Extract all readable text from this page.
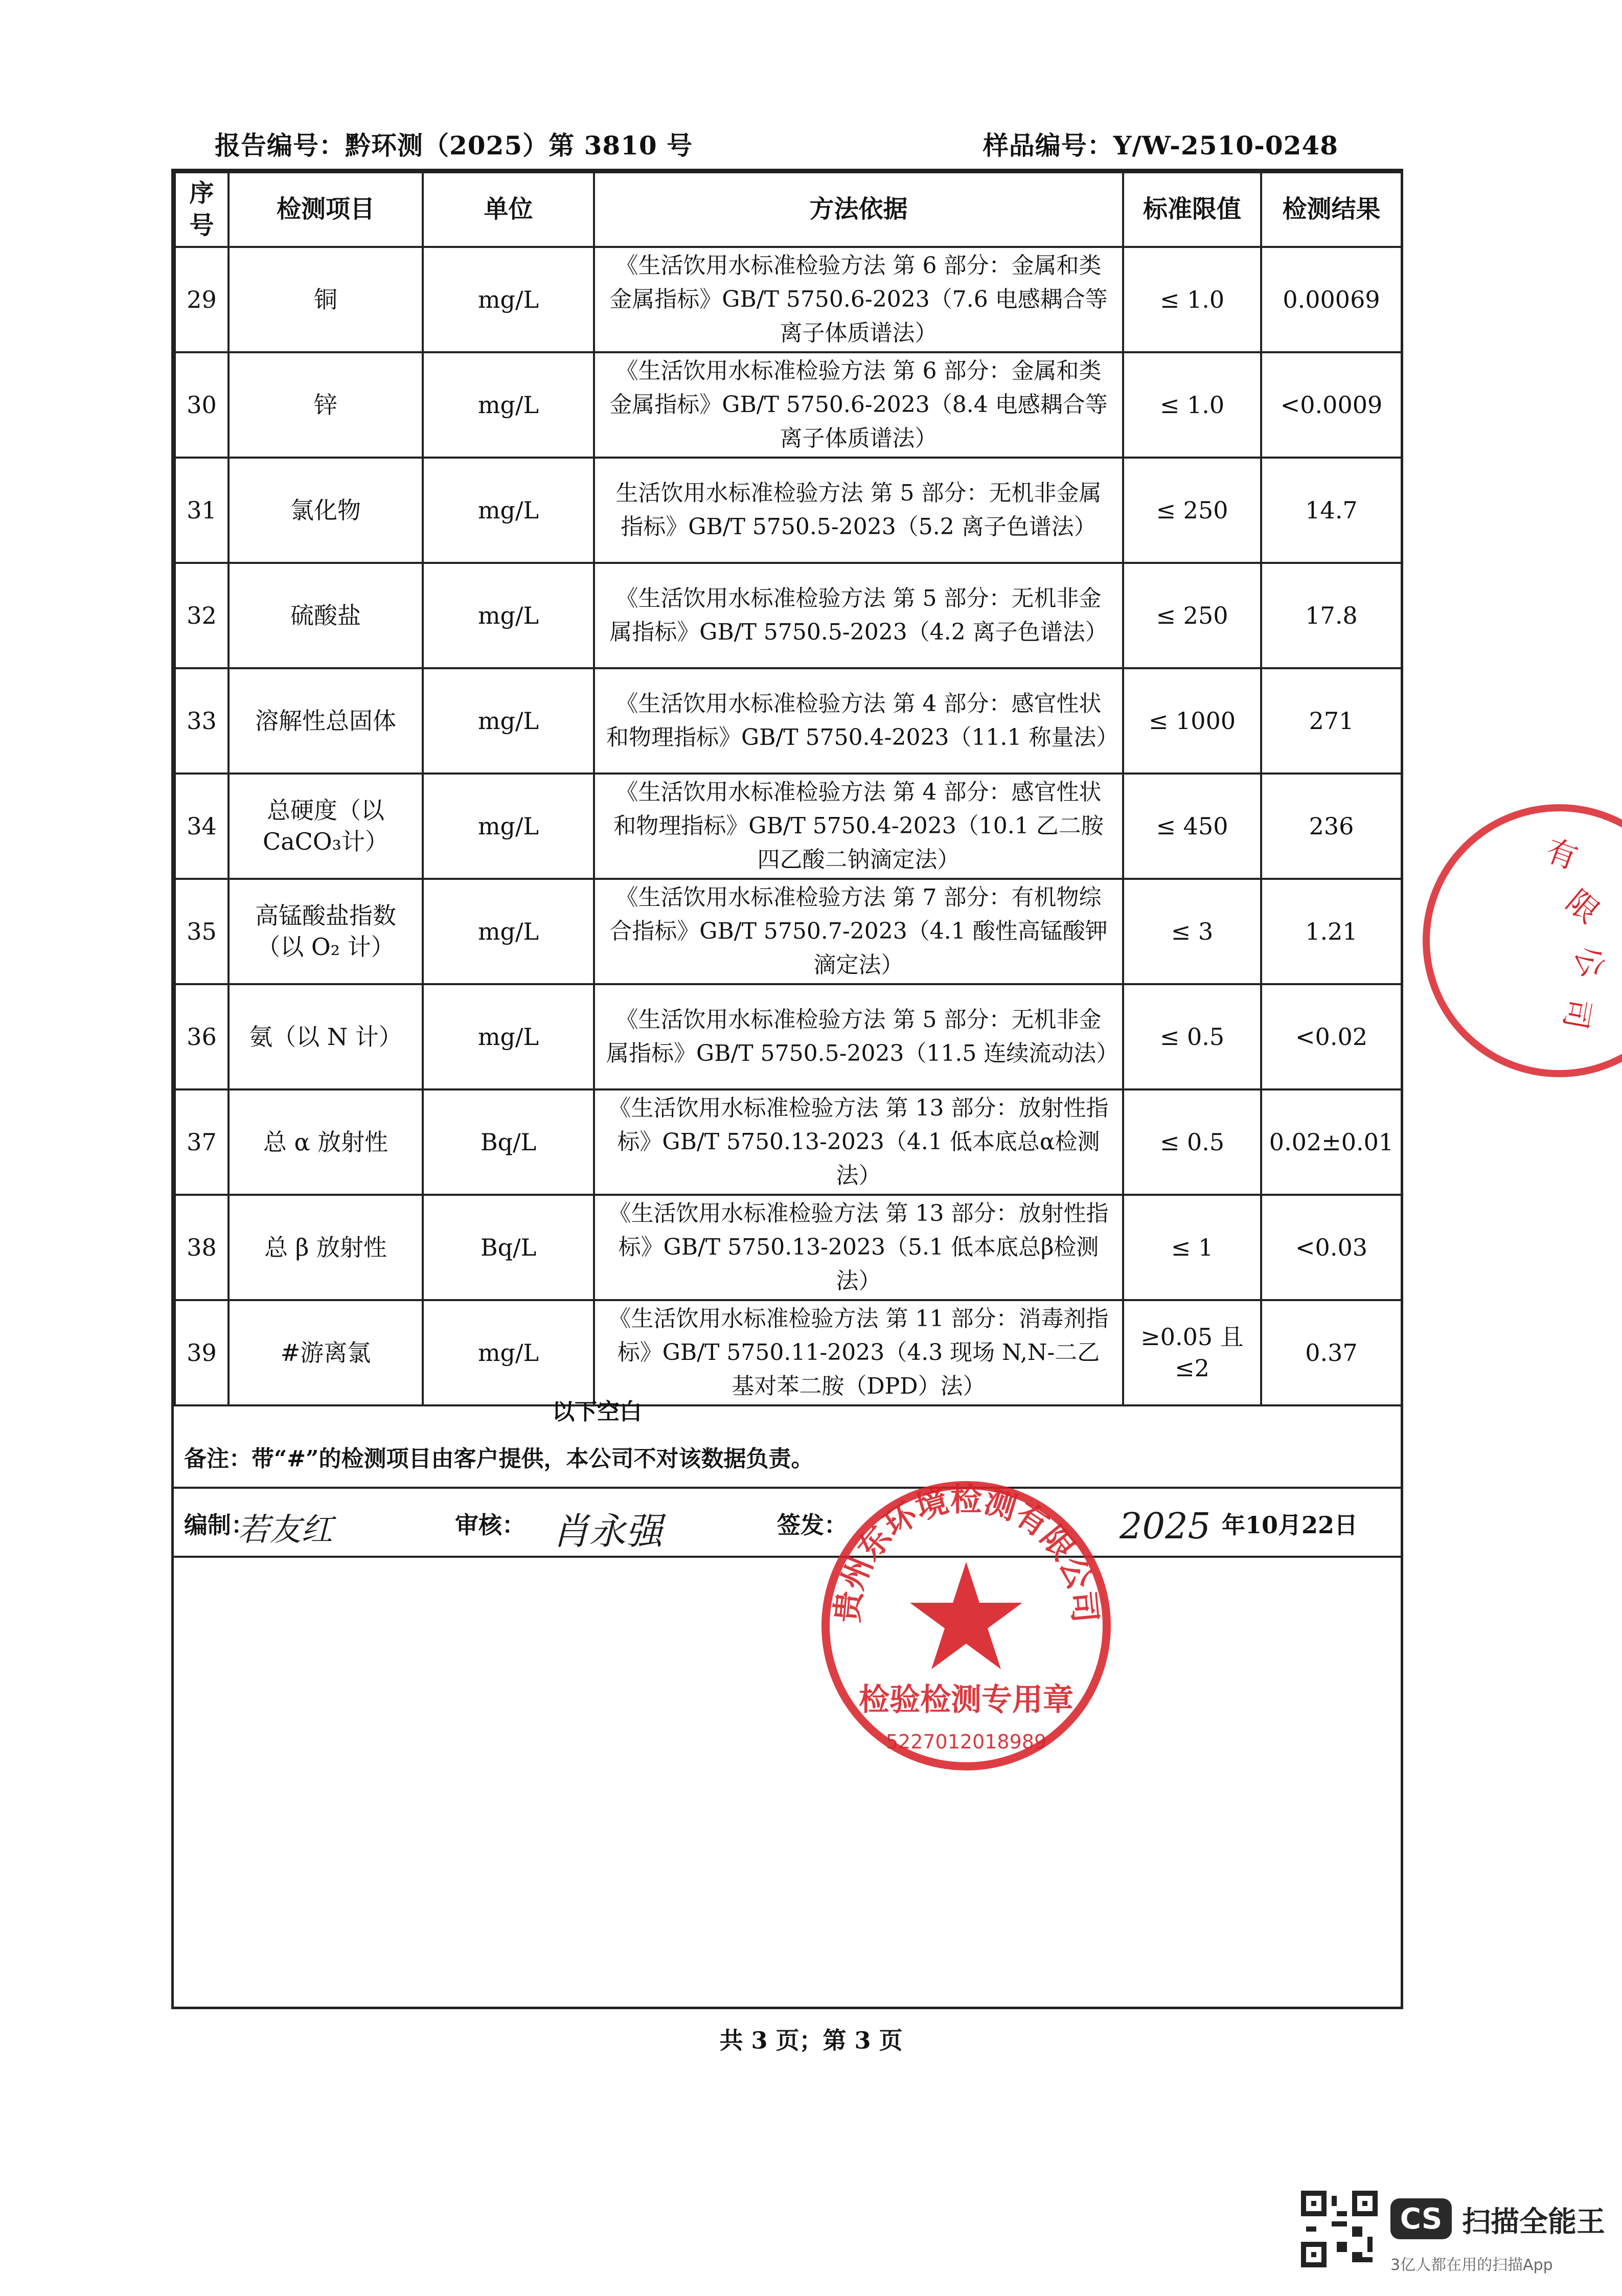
报告编号：黔环测（2025）第 3810 号	样品编号：Y/W-2510-0248
序号	检测项目	单位	方法依据	标准限值	检测结果
29	铜	mg/L	《生活饮用水标准检验方法 第 6 部分：金属和类金属指标》GB/T 5750.6-2023（7.6 电感耦合等离子体质谱法）	≤ 1.0	0.00069
30	锌	mg/L	《生活饮用水标准检验方法 第 6 部分：金属和类金属指标》GB/T 5750.6-2023（8.4 电感耦合等离子体质谱法）	≤ 1.0	<0.0009
31	氯化物	mg/L	生活饮用水标准检验方法 第 5 部分：无机非金属指标》GB/T 5750.5-2023（5.2 离子色谱法）	≤ 250	14.7
32	硫酸盐	mg/L	《生活饮用水标准检验方法 第 5 部分：无机非金属指标》GB/T 5750.5-2023（4.2 离子色谱法）	≤ 250	17.8
33	溶解性总固体	mg/L	《生活饮用水标准检验方法 第 4 部分：感官性状和物理指标》GB/T 5750.4-2023（11.1 称量法）	≤ 1000	271
34	总硬度（以CaCO₃计）	mg/L	《生活饮用水标准检验方法 第 4 部分：感官性状和物理指标》GB/T 5750.4-2023（10.1 乙二胺四乙酸二钠滴定法）	≤ 450	236
35	高锰酸盐指数（以 O₂ 计）	mg/L	《生活饮用水标准检验方法 第 7 部分：有机物综合指标》GB/T 5750.7-2023（4.1 酸性高锰酸钾滴定法）	≤ 3	1.21
36	氨（以 N 计）	mg/L	《生活饮用水标准检验方法 第 5 部分：无机非金属指标》GB/T 5750.5-2023（11.5 连续流动法）	≤ 0.5	<0.02
37	总 α 放射性	Bq/L	《生活饮用水标准检验方法 第 13 部分：放射性指标》GB/T 5750.13-2023（4.1 低本底总α检测法）	≤ 0.5	0.02±0.01
38	总 β 放射性	Bq/L	《生活饮用水标准检验方法 第 13 部分：放射性指标》GB/T 5750.13-2023（5.1 低本底总β检测法）	≤ 1	<0.03
39	#游离氯	mg/L	《生活饮用水标准检验方法 第 11 部分：消毒剂指标》GB/T 5750.11-2023（4.3 现场 N,N-二乙基对苯二胺（DPD）法）	≥0.05 且 ≤2	0.37
备注：带“#”的检测项目由客户提供，本公司不对该数据负责。
编制：
若友红	审核： 肖永强	签发：	2025 年10月22日
以下空白
有
限
公
司
贵州东环境检测有限公司
检验检测专用章
5227012018989
共 3 页；第 3 页
CS 扫描全能王
3亿人都在用的扫描App
